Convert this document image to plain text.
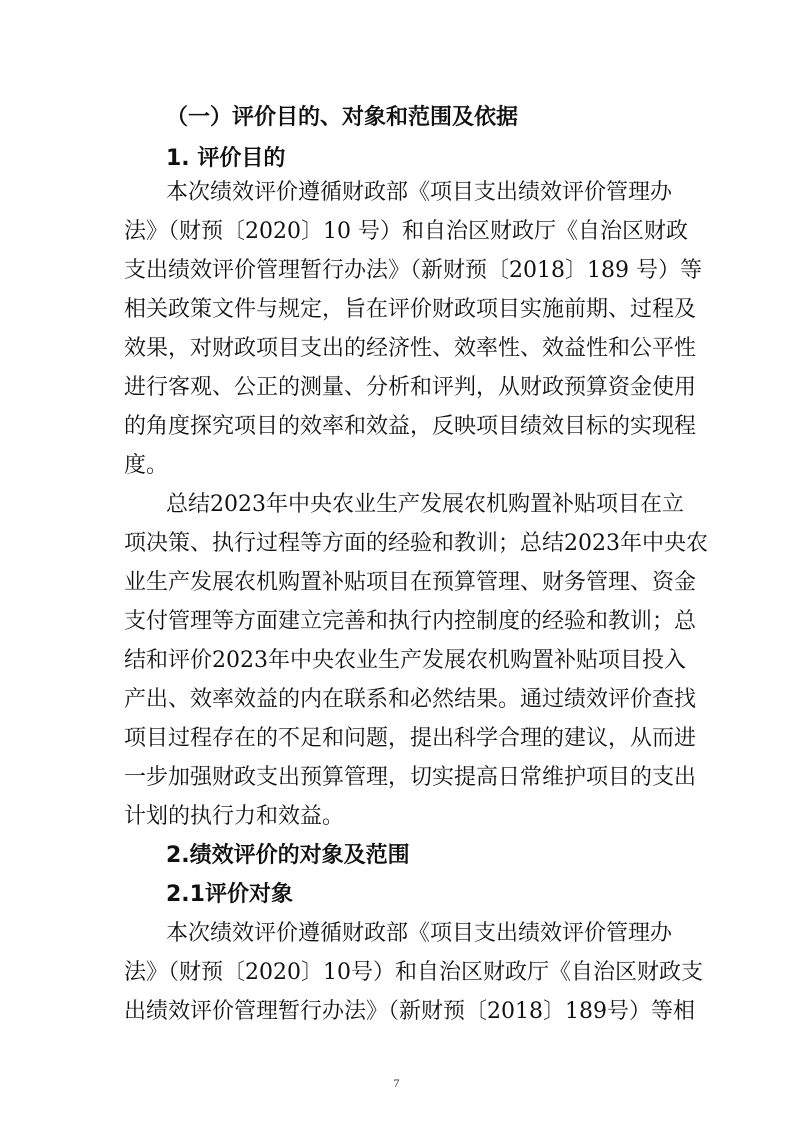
（一）评价目的、对象和范围及依据
1. 评价目的
本次绩效评价遵循财政部《项目支出绩效评价管理办
法》（财预〔2020〕10 号）和自治区财政厅《自治区财政
支出绩效评价管理暂行办法》（新财预〔2018〕189 号）等
相关政策文件与规定，旨在评价财政项目实施前期、过程及
效果，对财政项目支出的经济性、效率性、效益性和公平性
进行客观、公正的测量、分析和评判，从财政预算资金使用
的角度探究项目的效率和效益，反映项目绩效目标的实现程
度。
总结2023年中央农业生产发展农机购置补贴项目在立
项决策、执行过程等方面的经验和教训；总结2023年中央农
业生产发展农机购置补贴项目在预算管理、财务管理、资金
支付管理等方面建立完善和执行内控制度的经验和教训；总
结和评价2023年中央农业生产发展农机购置补贴项目投入
产出、效率效益的内在联系和必然结果。通过绩效评价查找
项目过程存在的不足和问题，提出科学合理的建议，从而进
一步加强财政支出预算管理，切实提高日常维护项目的支出
计划的执行力和效益。
2.绩效评价的对象及范围
2.1评价对象
本次绩效评价遵循财政部《项目支出绩效评价管理办
法》（财预〔2020〕10号）和自治区财政厅《自治区财政支
出绩效评价管理暂行办法》（新财预〔2018〕189号）等相
7
